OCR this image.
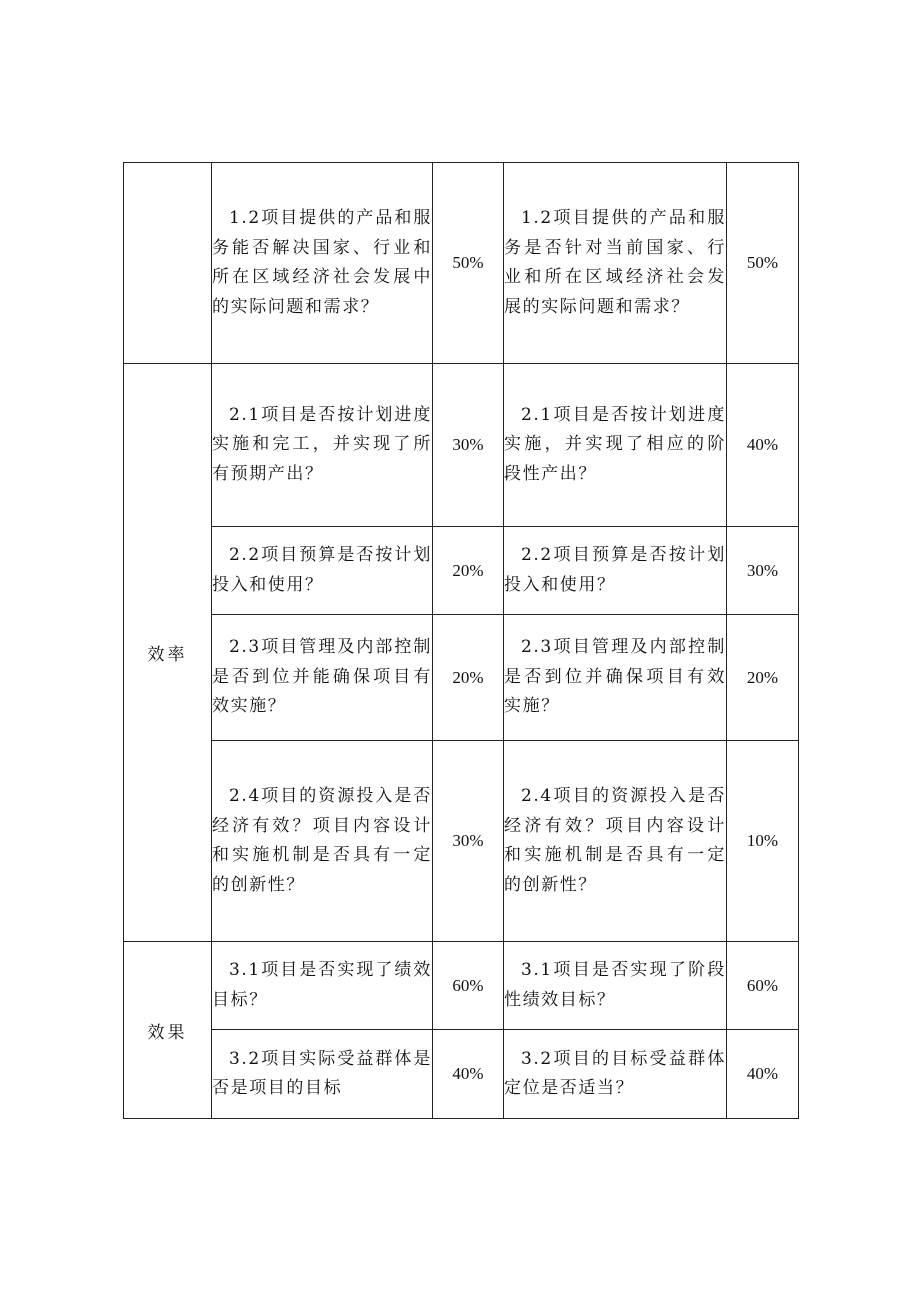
	1.2项目提供的产品和服务能否解决国家、行业和所在区域经济社会发展中的实际问题和需求？	50%	1.2项目提供的产品和服务是否针对当前国家、行业和所在区域经济社会发展的实际问题和需求？	50%
效率	2.1项目是否按计划进度实施和完工，并实现了所有预期产出？	30%	2.1项目是否按计划进度实施，并实现了相应的阶段性产出？	40%

	2.2项目预算是否按计划投入和使用？	20%	2.2项目预算是否按计划投入和使用？	30%

	2.3项目管理及内部控制是否到位并能确保项目有效实施？	20%	2.3项目管理及内部控制是否到位并确保项目有效实施？	20%

	2.4项目的资源投入是否经济有效？项目内容设计和实施机制是否具有一定的创新性？	30%	2.4项目的资源投入是否经济有效？项目内容设计和实施机制是否具有一定的创新性？	10%
效果	3.1项目是否实现了绩效目标？	60%	3.1项目是否实现了阶段性绩效目标？	60%

	3.2项目实际受益群体是否是项目的目标	40%	3.2项目的目标受益群体定位是否适当？	40%
